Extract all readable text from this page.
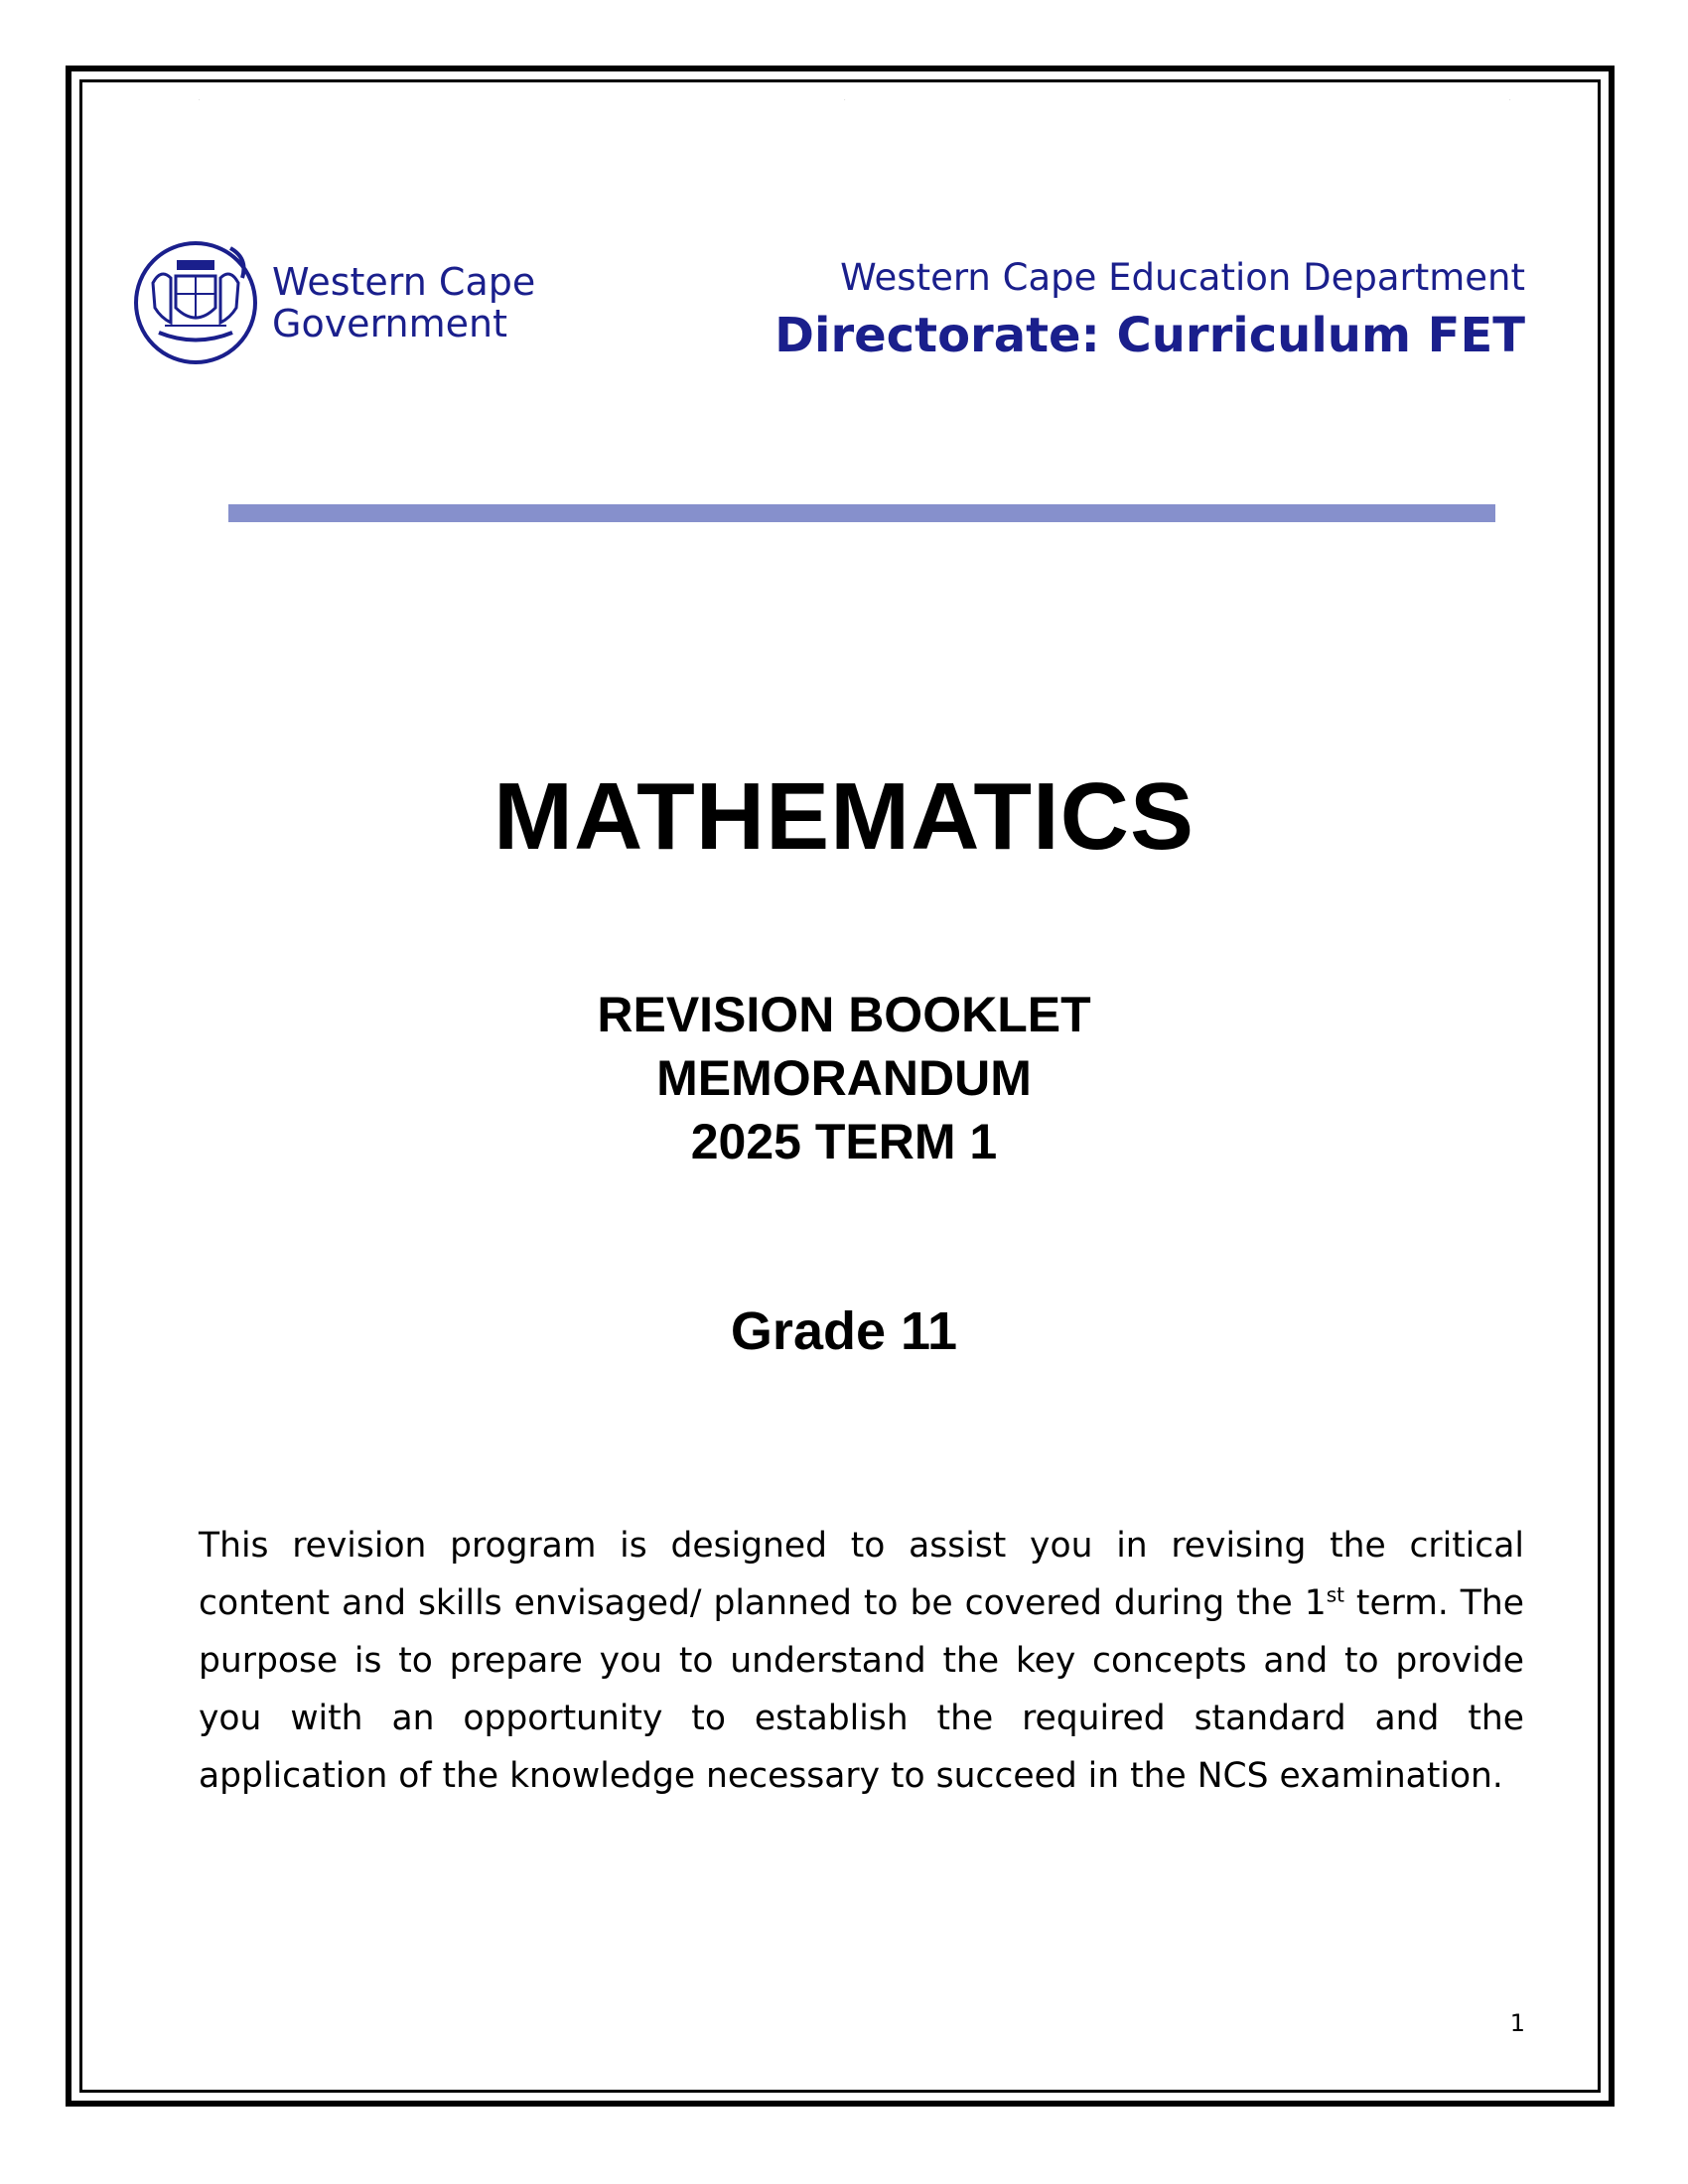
·	·	·
Western Cape
Government
Western Cape Education Department
Directorate: Curriculum FET
MATHEMATICS
REVISION BOOKLET
MEMORANDUM
2025 TERM 1
Grade 11
This revision program is designed to assist you in revising the critical content and skills envisaged/ planned to be covered during the 1st term. The purpose is to prepare you to understand the key concepts and to provide you with an opportunity to establish the required standard and the application of the knowledge necessary to succeed in the NCS examination.
1
